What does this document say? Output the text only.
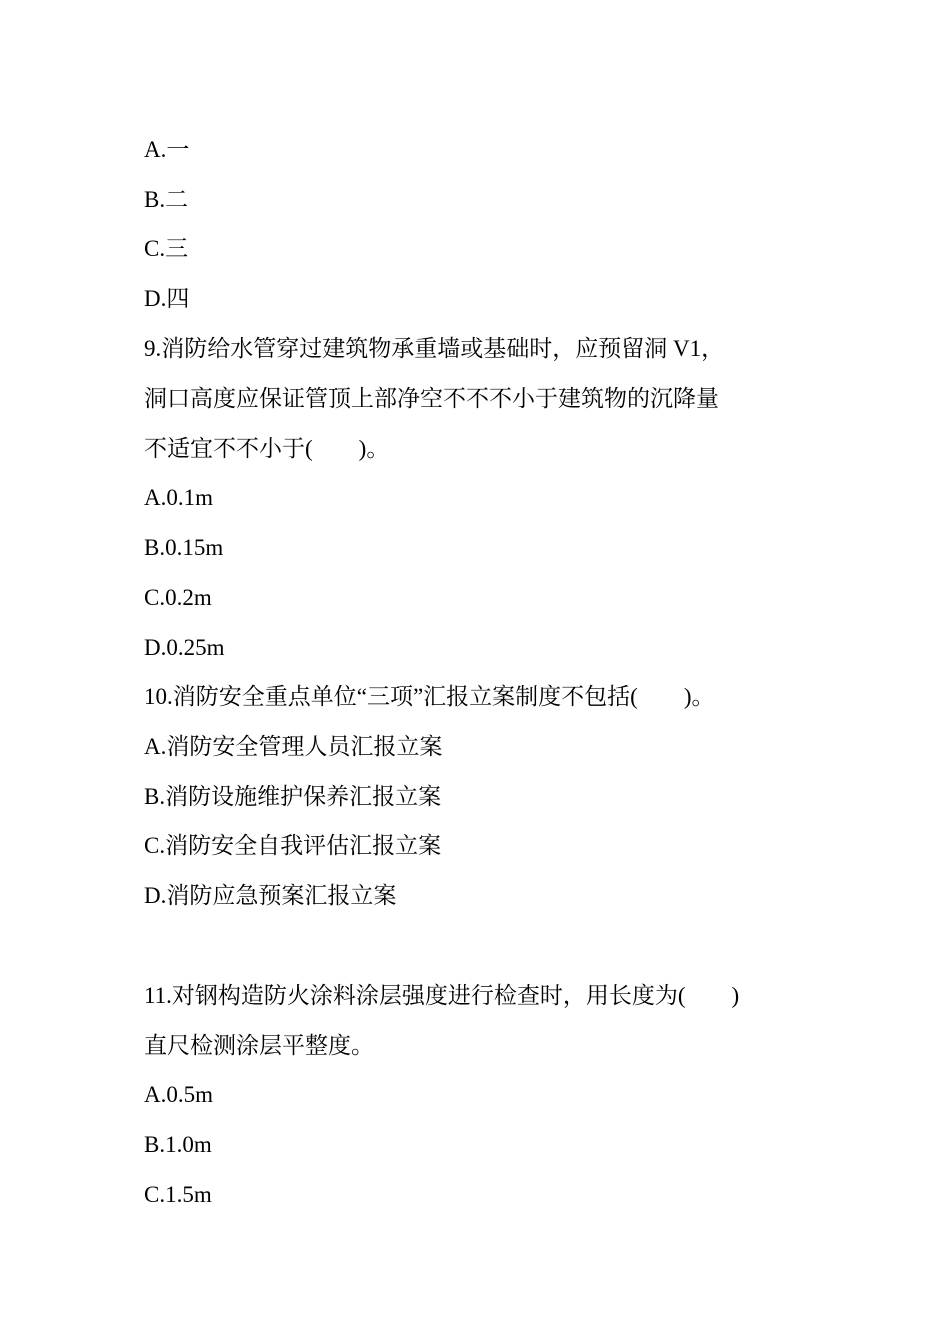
A.一
B.二
C.三
D.四
9.消防给水管穿过建筑物承重墙或基础时，应预留洞 V1，
洞口高度应保证管顶上部净空不不不小于建筑物的沉降量
不适宜不不小于(        )。
A.0.1m
B.0.15m
C.0.2m
D.0.25m
10.消防安全重点单位“三项”汇报立案制度不包括(        )。
A.消防安全管理人员汇报立案
B.消防设施维护保养汇报立案
C.消防安全自我评估汇报立案
D.消防应急预案汇报立案
11.对钢构造防火涂料涂层强度进行检查时，用长度为(        )
直尺检测涂层平整度。
A.0.5m
B.1.0m
C.1.5m
